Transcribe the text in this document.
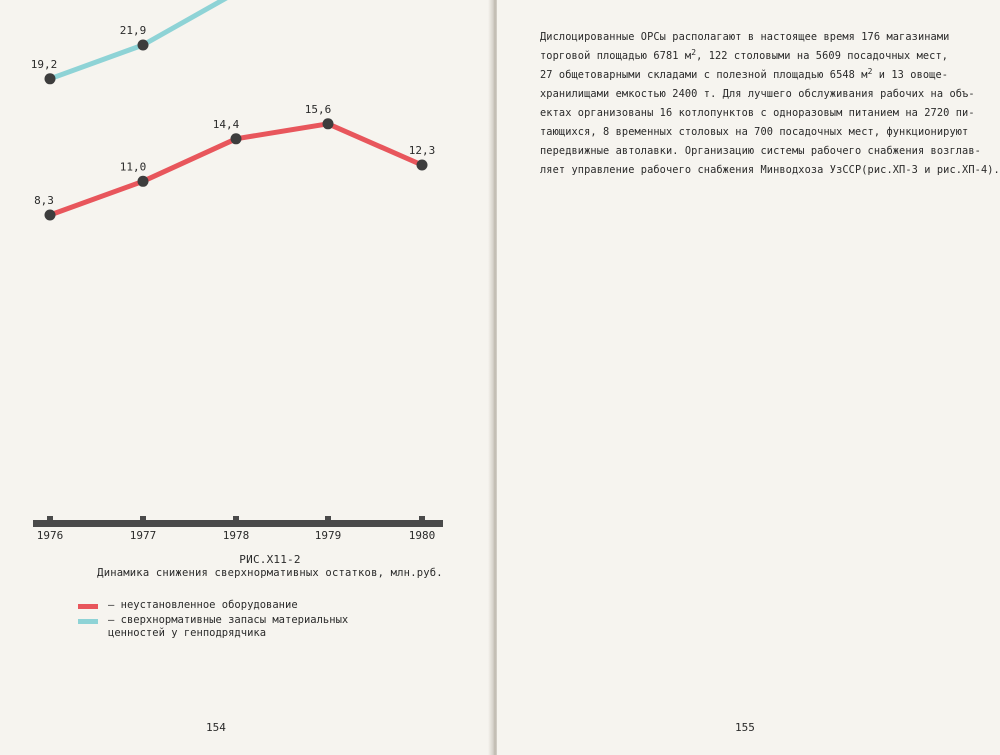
8,3
11,0
14,4
15,6
12,3
19,2
21,9
1976	1977	1978	1979	1980
РИС.Х11-2
Динамика снижения сверхнормативных остатков, млн.руб.
– неустановленное оборудование
– сверхнормативные запасы материальных ценностей у генподрядчика
154

Дислоцированные ОРСы располагают в настоящее время 176 магазинами

торговой площадью 6781 $м^2$, 122 столовыми на 5609 посадочных мест,

27 общетоварными складами с полезной площадью 6548 $м^2$ и 13 овоще-

хранилищами емкостью 2400 т. Для лучшего обслуживания рабочих на объ-

ектах организованы 16 котлопунктов с одноразовым питанием на 2720 пи-

тающихся, 8 временных столовых на 700 посадочных мест, функционируют

передвижные автолавки. Организацию системы рабочего снабжения возглав-

ляет управление рабочего снабжения Минводхоза УзССР(рис.ХП-3 и рис.ХП-4).

155
